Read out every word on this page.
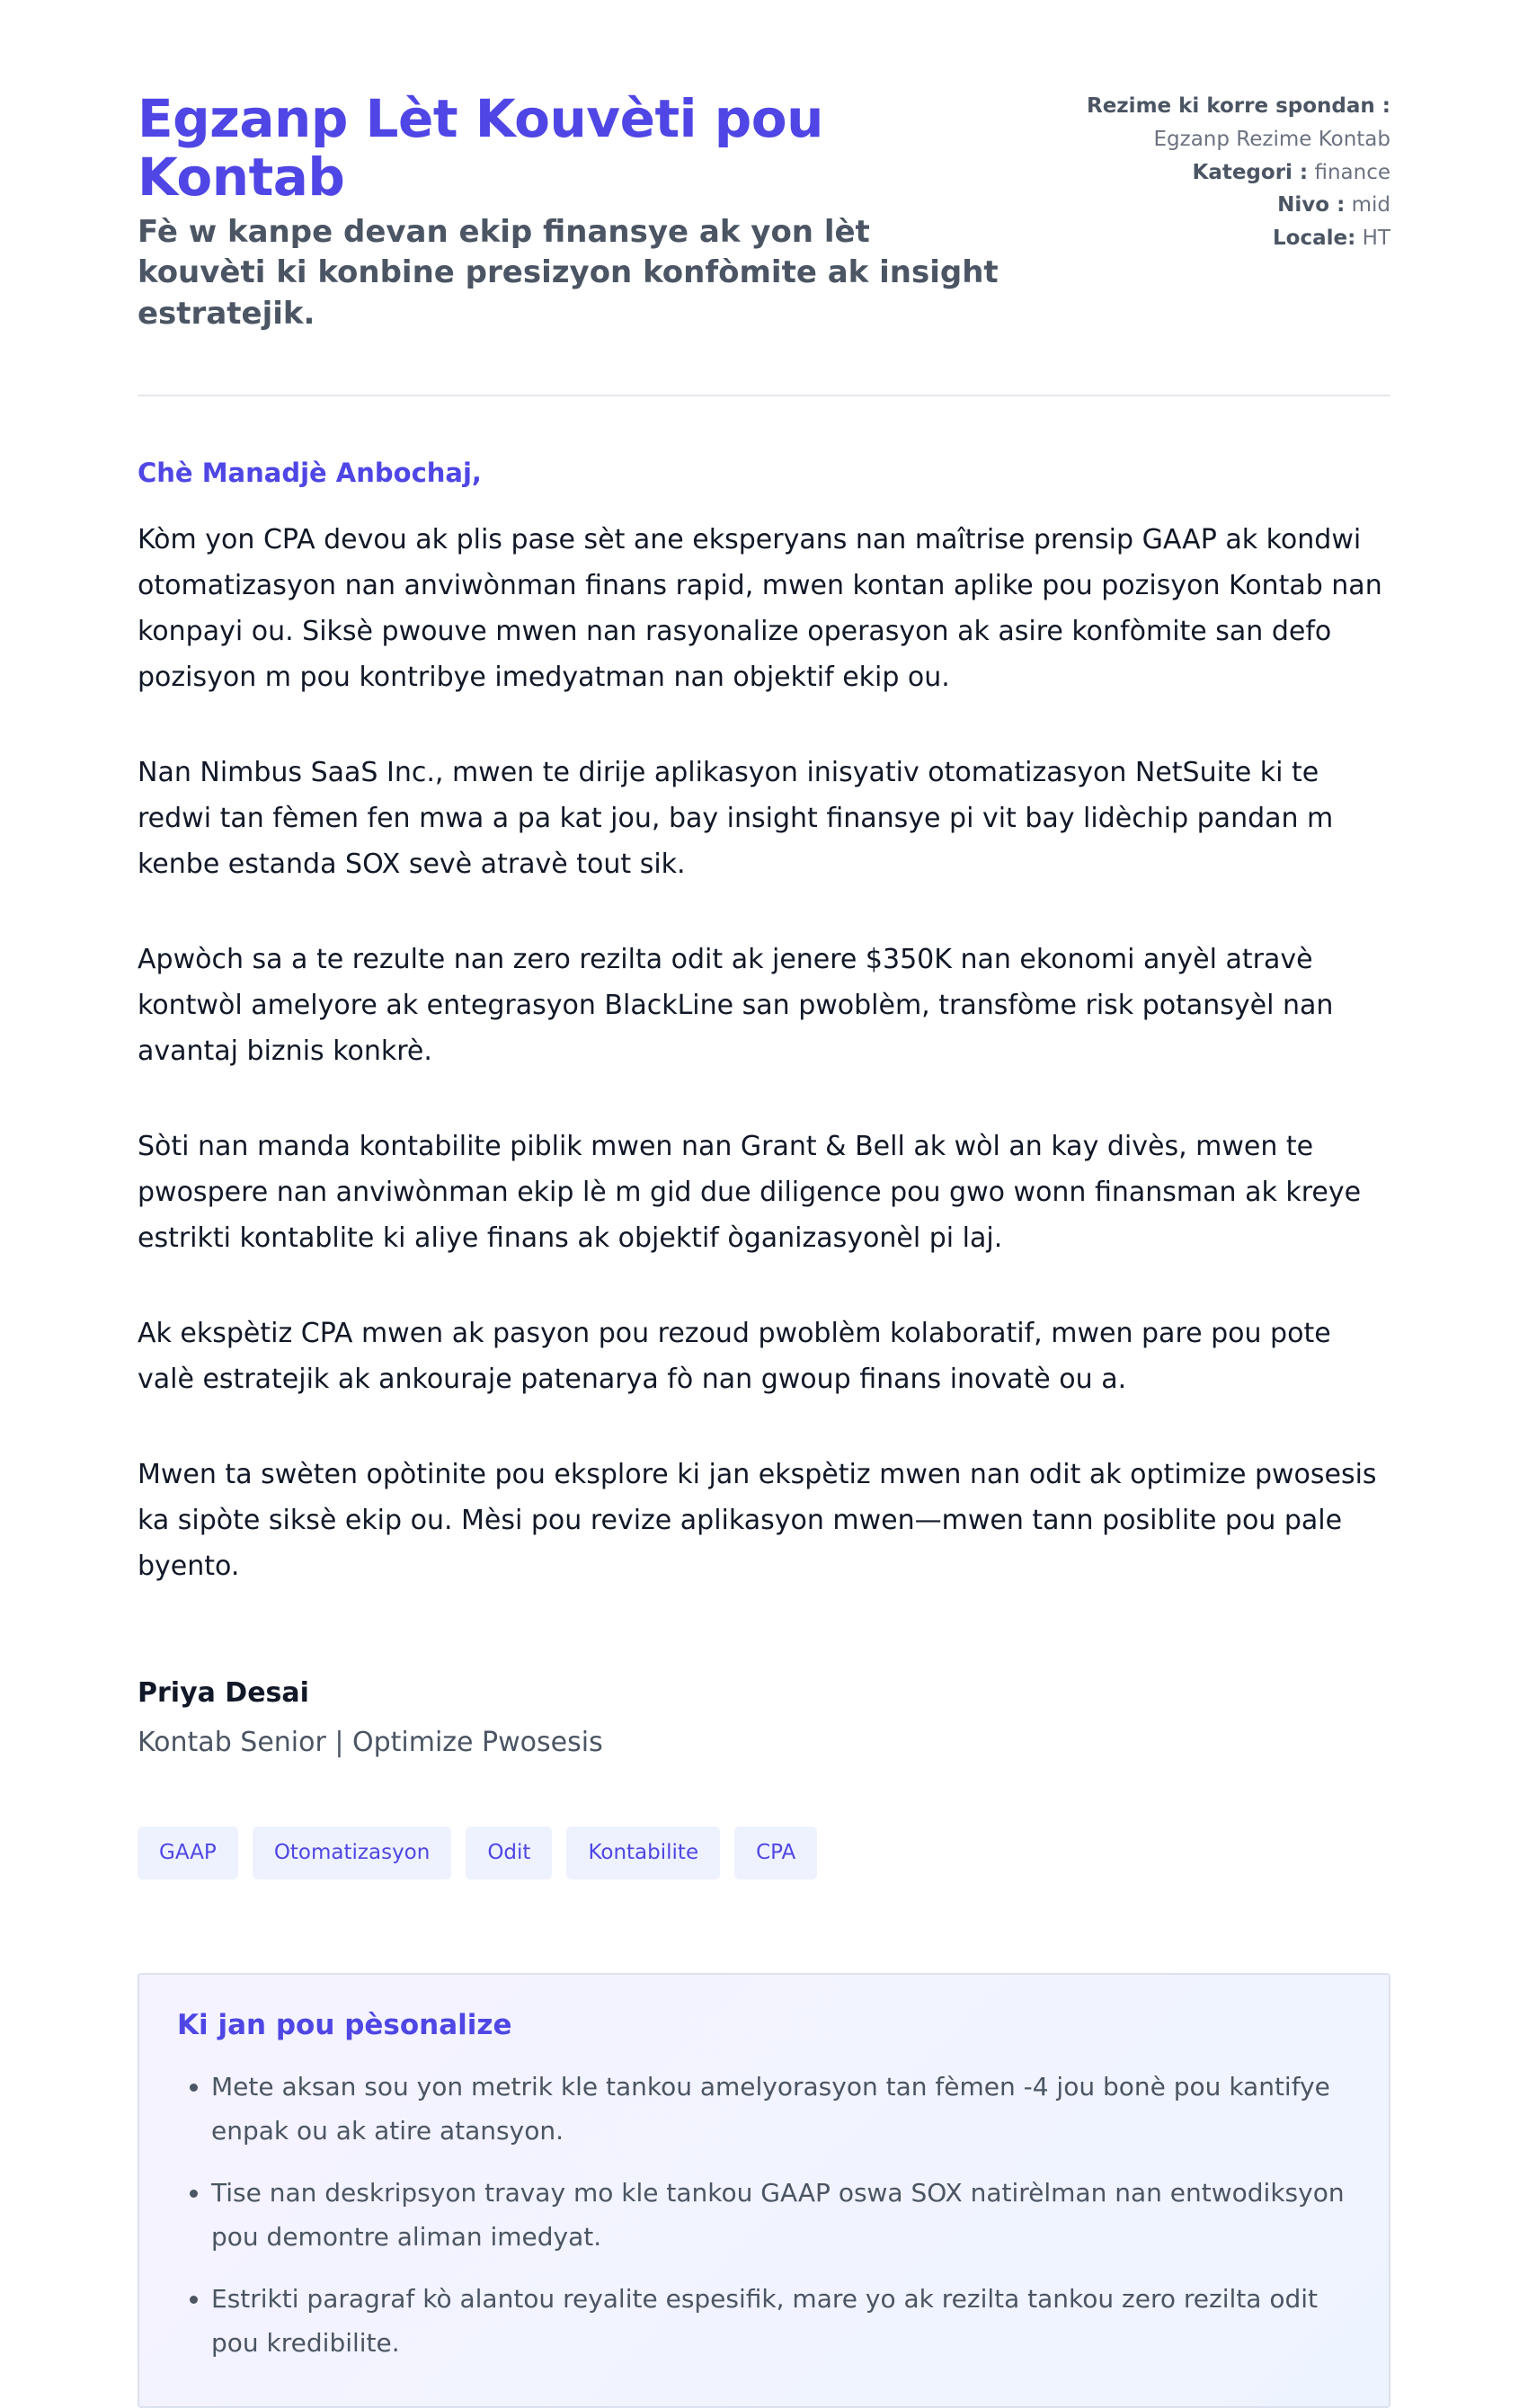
Egzanp Lèt Kouvèti pou Kontab

Fè w kanpe devan ekip finansye ak yon lèt kouvèti ki konbine presizyon konfòmite ak insight estratejik.

Rezime ki korre spondan :
Egzanp Rezime Kontab
Kategori : finance
Nivo : mid
Locale: HT

Chè Manadjè Anbochaj,

Kòm yon CPA devou ak plis pase sèt ane eksperyans nan maîtrise prensip GAAP ak kondwi otomatizasyon nan anviwònman finans rapid, mwen kontan aplike pou pozisyon Kontab nan konpayi ou. Siksè pwouve mwen nan rasyonalize operasyon ak asire konfòmite san defo pozisyon m pou kontribye imedyatman nan objektif ekip ou.

Nan Nimbus SaaS Inc., mwen te dirije aplikasyon inisyativ otomatizasyon NetSuite ki te redwi tan fèmen fen mwa a pa kat jou, bay insight finansye pi vit bay lidèchip pandan m kenbe estanda SOX sevè atravè tout sik.

Apwòch sa a te rezulte nan zero rezilta odit ak jenere $350K nan ekonomi anyèl atravè kontwòl amelyore ak entegrasyon BlackLine san pwoblèm, transfòme risk potansyèl nan avantaj biznis konkrè.

Sòti nan manda kontabilite piblik mwen nan Grant & Bell ak wòl an kay divès, mwen te pwospere nan anviwònman ekip lè m gid due diligence pou gwo wonn finansman ak kreye estrikti kontablite ki aliye finans ak objektif òganizasyonèl pi laj.

Ak ekspètiz CPA mwen ak pasyon pou rezoud pwoblèm kolaboratif, mwen pare pou pote valè estratejik ak ankouraje patenarya fò nan gwoup finans inovatè ou a.

Mwen ta swèten opòtinite pou eksplore ki jan ekspètiz mwen nan odit ak optimize pwosesis ka sipòte siksè ekip ou. Mèsi pou revize aplikasyon mwen—mwen tann posiblite pou pale byento.

Priya Desai
Kontab Senior | Optimize Pwosesis
GAAP	Otomatizasyon	Odit	Kontabilite	CPA
Ki jan pou pèsonalize
• Mete aksan sou yon metrik kle tankou amelyorasyon tan fèmen -4 jou bonè pou kantifye enpak ou ak atire atansyon.
• Tise nan deskripsyon travay mo kle tankou GAAP oswa SOX natirèlman nan entwodiksyon pou demontre aliman imedyat.
• Estrikti paragraf kò alantou reyalite espesifik, mare yo ak rezilta tankou zero rezilta odit pou kredibilite.
